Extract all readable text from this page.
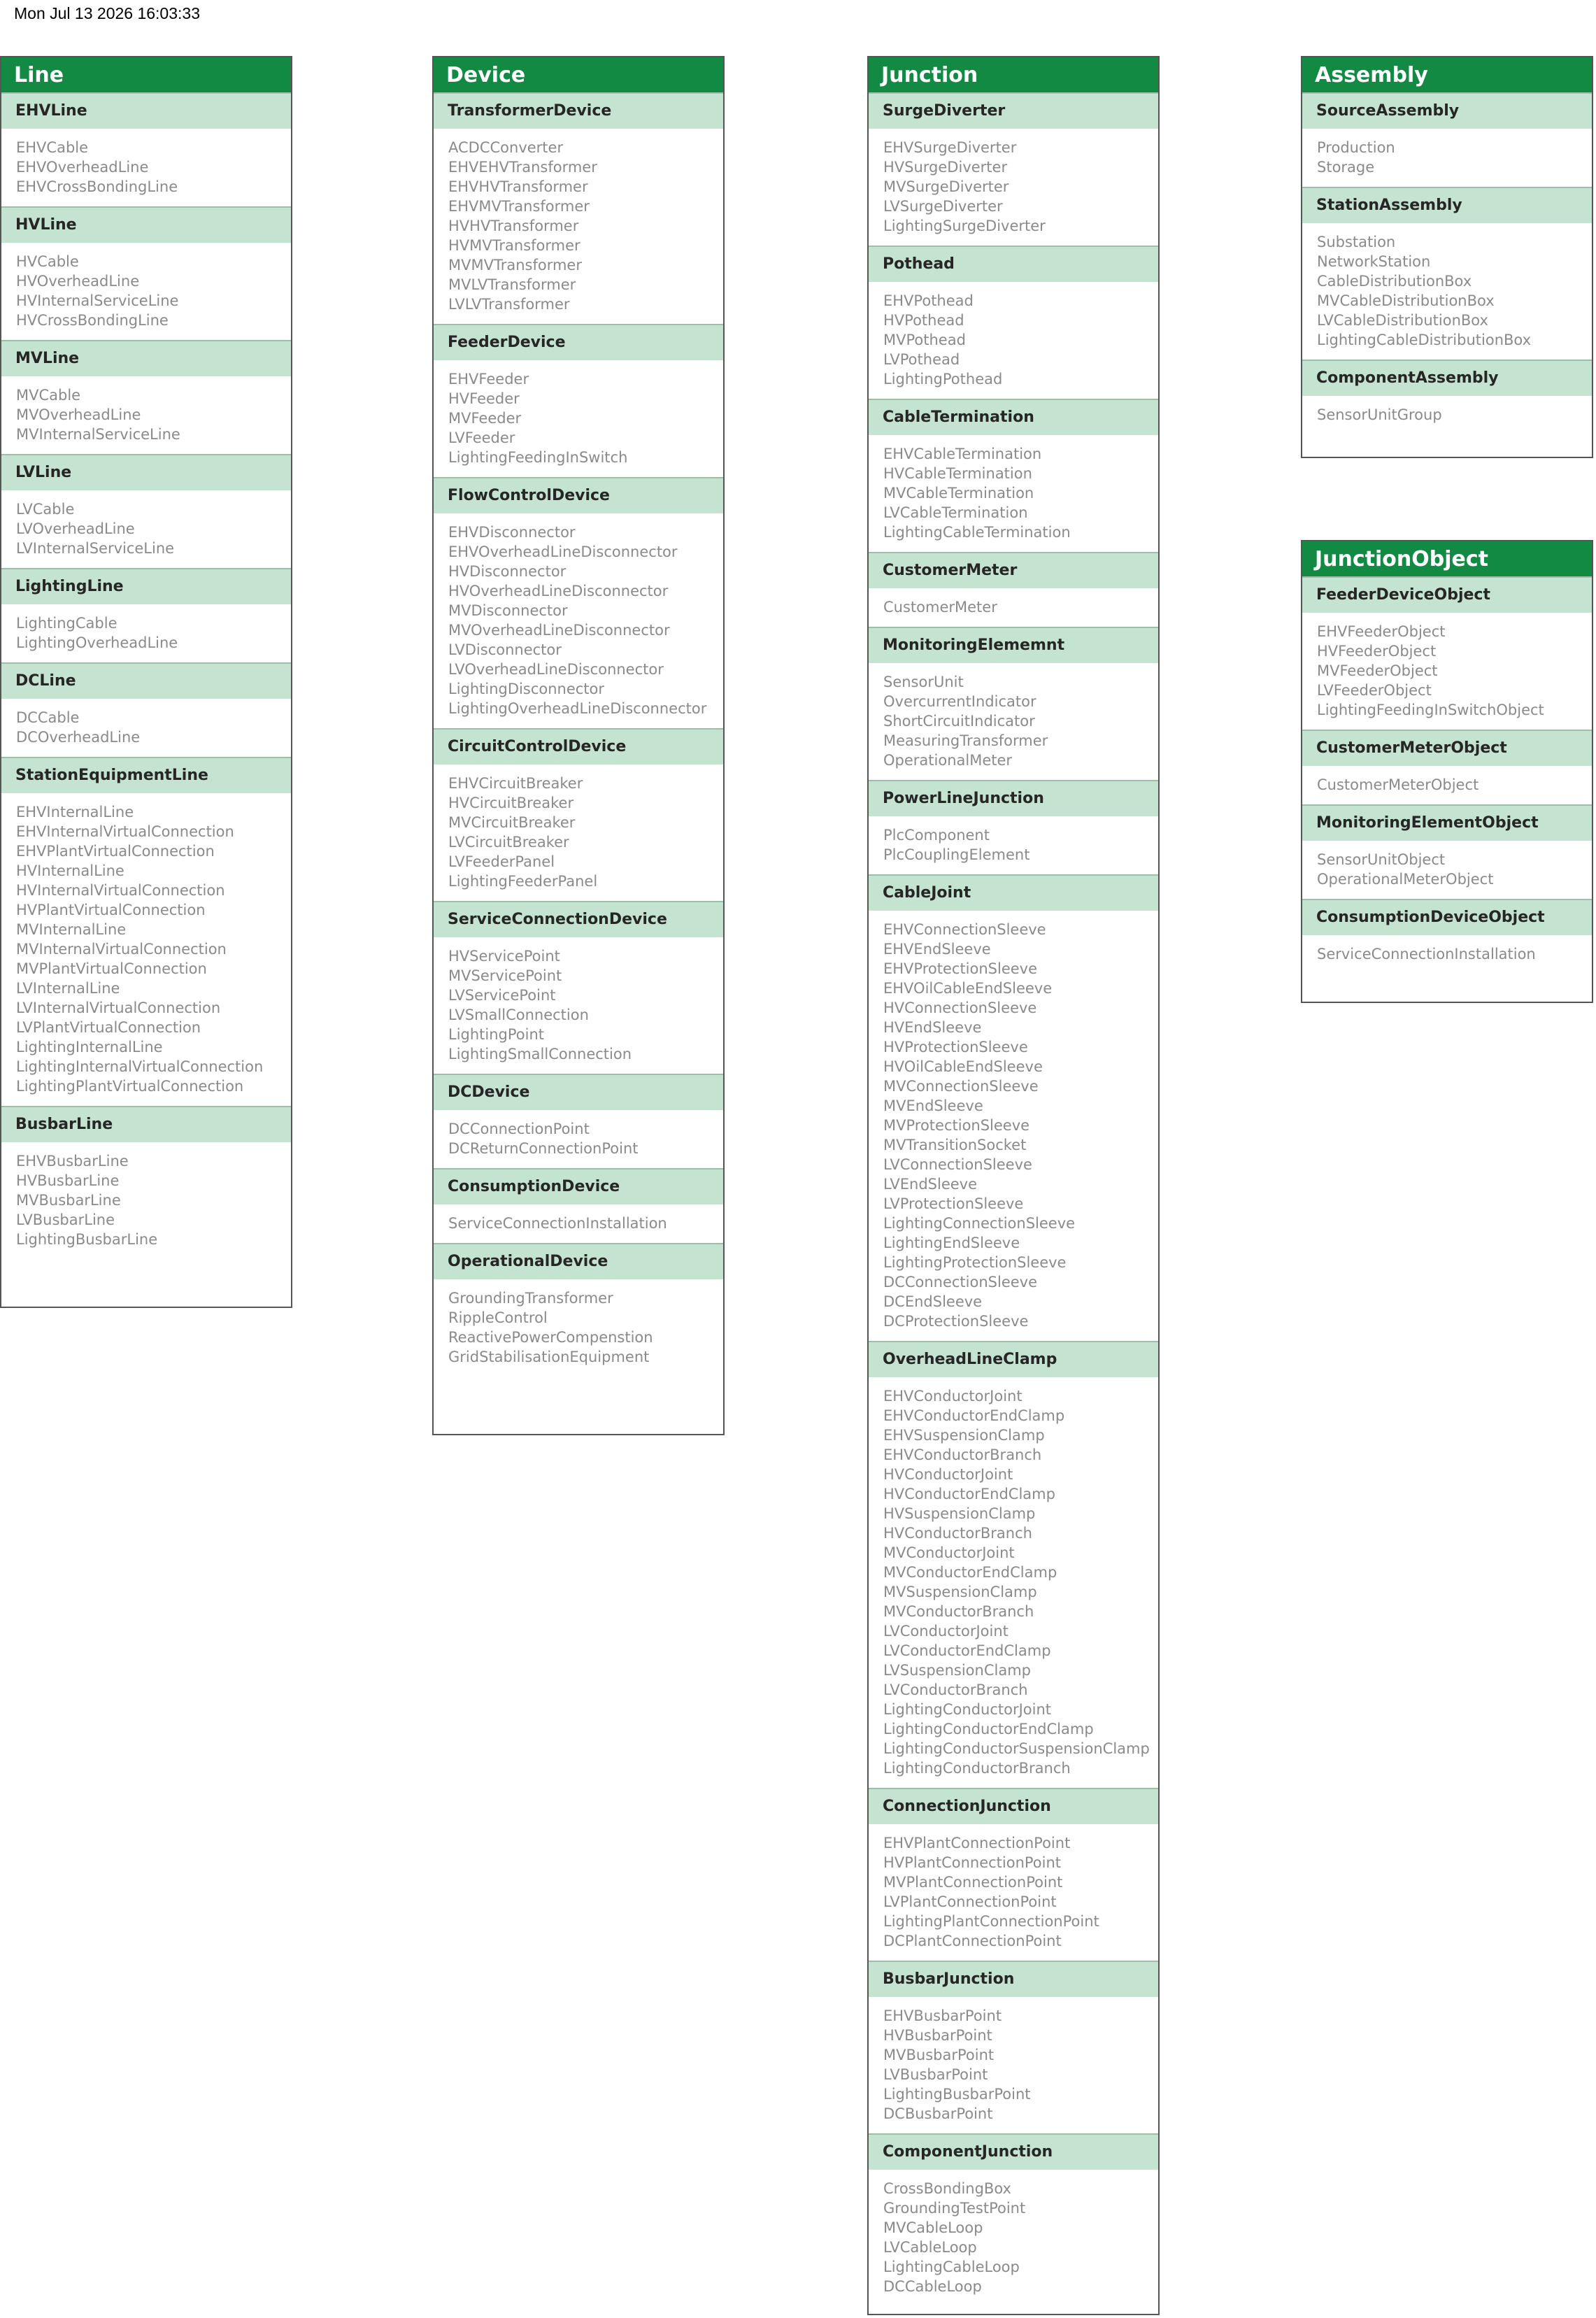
Mon Jul 13 2026 16:03:33
Line
EHVLine
EHVCable
EHVOverheadLine
EHVCrossBondingLine
HVLine
HVCable
HVOverheadLine
HVInternalServiceLine
HVCrossBondingLine
MVLine
MVCable
MVOverheadLine
MVInternalServiceLine
LVLine
LVCable
LVOverheadLine
LVInternalServiceLine
LightingLine
LightingCable
LightingOverheadLine
DCLine
DCCable
DCOverheadLine
StationEquipmentLine
EHVInternalLine
EHVInternalVirtualConnection
EHVPlantVirtualConnection
HVInternalLine
HVInternalVirtualConnection
HVPlantVirtualConnection
MVInternalLine
MVInternalVirtualConnection
MVPlantVirtualConnection
LVInternalLine
LVInternalVirtualConnection
LVPlantVirtualConnection
LightingInternalLine
LightingInternalVirtualConnection
LightingPlantVirtualConnection
BusbarLine
EHVBusbarLine
HVBusbarLine
MVBusbarLine
LVBusbarLine
LightingBusbarLine
Device
TransformerDevice
ACDCConverter
EHVEHVTransformer
EHVHVTransformer
EHVMVTransformer
HVHVTransformer
HVMVTransformer
MVMVTransformer
MVLVTransformer
LVLVTransformer
FeederDevice
EHVFeeder
HVFeeder
MVFeeder
LVFeeder
LightingFeedingInSwitch
FlowControlDevice
EHVDisconnector
EHVOverheadLineDisconnector
HVDisconnector
HVOverheadLineDisconnector
MVDisconnector
MVOverheadLineDisconnector
LVDisconnector
LVOverheadLineDisconnector
LightingDisconnector
LightingOverheadLineDisconnector
CircuitControlDevice
EHVCircuitBreaker
HVCircuitBreaker
MVCircuitBreaker
LVCircuitBreaker
LVFeederPanel
LightingFeederPanel
ServiceConnectionDevice
HVServicePoint
MVServicePoint
LVServicePoint
LVSmallConnection
LightingPoint
LightingSmallConnection
DCDevice
DCConnectionPoint
DCReturnConnectionPoint
ConsumptionDevice
ServiceConnectionInstallation
OperationalDevice
GroundingTransformer
RippleControl
ReactivePowerCompenstion
GridStabilisationEquipment
Junction
SurgeDiverter
EHVSurgeDiverter
HVSurgeDiverter
MVSurgeDiverter
LVSurgeDiverter
LightingSurgeDiverter
Pothead
EHVPothead
HVPothead
MVPothead
LVPothead
LightingPothead
CableTermination
EHVCableTermination
HVCableTermination
MVCableTermination
LVCableTermination
LightingCableTermination
CustomerMeter
CustomerMeter
MonitoringElememnt
SensorUnit
OvercurrentIndicator
ShortCircuitIndicator
MeasuringTransformer
OperationalMeter
PowerLineJunction
PlcComponent
PlcCouplingElement
CableJoint
EHVConnectionSleeve
EHVEndSleeve
EHVProtectionSleeve
EHVOilCableEndSleeve
HVConnectionSleeve
HVEndSleeve
HVProtectionSleeve
HVOilCableEndSleeve
MVConnectionSleeve
MVEndSleeve
MVProtectionSleeve
MVTransitionSocket
LVConnectionSleeve
LVEndSleeve
LVProtectionSleeve
LightingConnectionSleeve
LightingEndSleeve
LightingProtectionSleeve
DCConnectionSleeve
DCEndSleeve
DCProtectionSleeve
OverheadLineClamp
EHVConductorJoint
EHVConductorEndClamp
EHVSuspensionClamp
EHVConductorBranch
HVConductorJoint
HVConductorEndClamp
HVSuspensionClamp
HVConductorBranch
MVConductorJoint
MVConductorEndClamp
MVSuspensionClamp
MVConductorBranch
LVConductorJoint
LVConductorEndClamp
LVSuspensionClamp
LVConductorBranch
LightingConductorJoint
LightingConductorEndClamp
LightingConductorSuspensionClamp
LightingConductorBranch
ConnectionJunction
EHVPlantConnectionPoint
HVPlantConnectionPoint
MVPlantConnectionPoint
LVPlantConnectionPoint
LightingPlantConnectionPoint
DCPlantConnectionPoint
BusbarJunction
EHVBusbarPoint
HVBusbarPoint
MVBusbarPoint
LVBusbarPoint
LightingBusbarPoint
DCBusbarPoint
ComponentJunction
CrossBondingBox
GroundingTestPoint
MVCableLoop
LVCableLoop
LightingCableLoop
DCCableLoop
Assembly
SourceAssembly
Production
Storage
StationAssembly
Substation
NetworkStation
CableDistributionBox
MVCableDistributionBox
LVCableDistributionBox
LightingCableDistributionBox
ComponentAssembly
SensorUnitGroup
JunctionObject
FeederDeviceObject
EHVFeederObject
HVFeederObject
MVFeederObject
LVFeederObject
LightingFeedingInSwitchObject
CustomerMeterObject
CustomerMeterObject
MonitoringElementObject
SensorUnitObject
OperationalMeterObject
ConsumptionDeviceObject
ServiceConnectionInstallation
